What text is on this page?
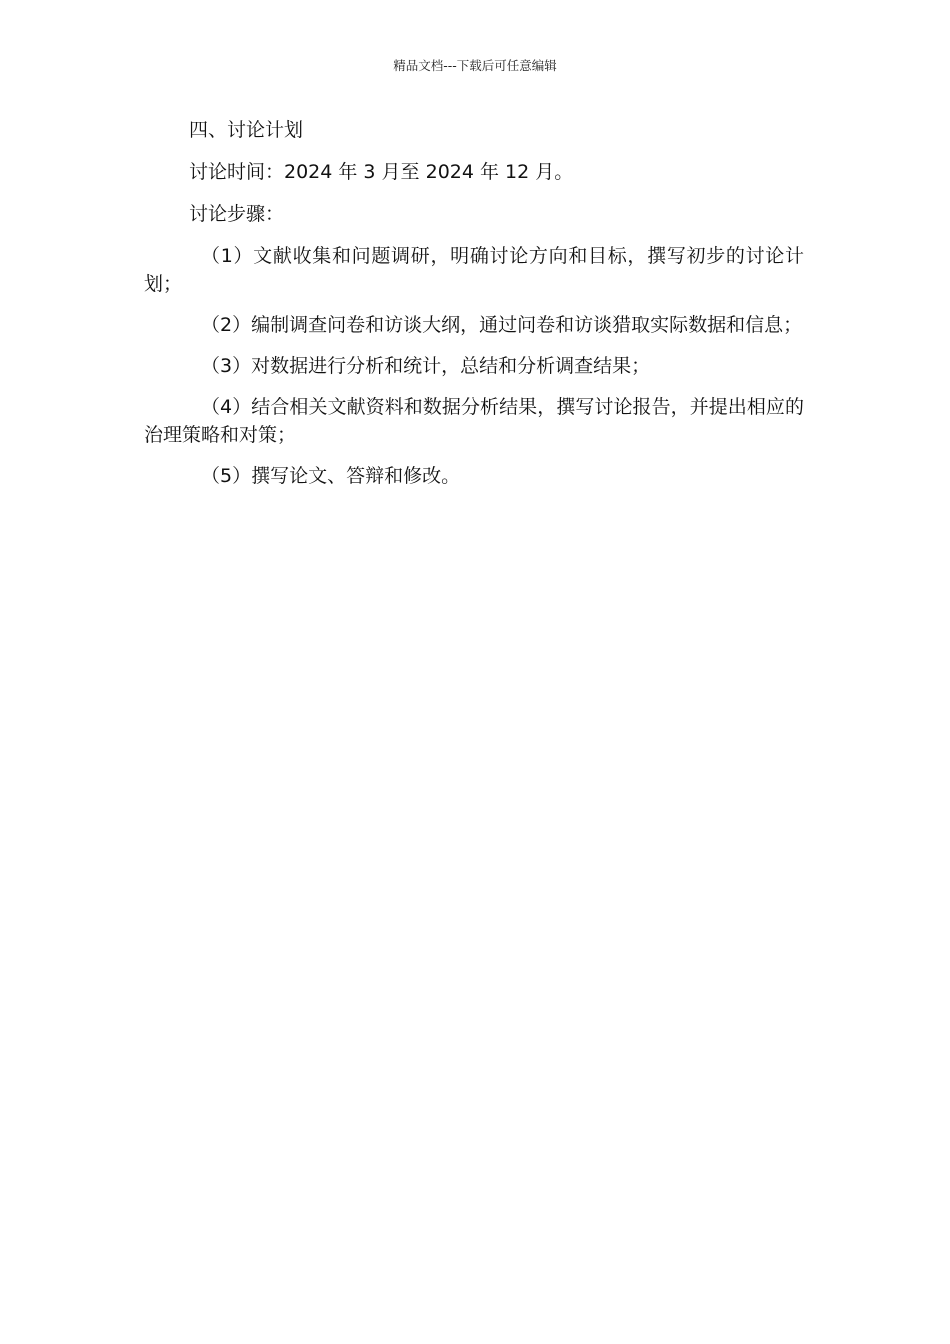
精品文档---下载后可任意编辑

四、讨论计划

讨论时间：2024 年 3 月至 2024 年 12 月。

讨论步骤：

（1）文献收集和问题调研，明确讨论方向和目标，撰写初步的讨论计划；

（2）编制调查问卷和访谈大纲，通过问卷和访谈猎取实际数据和信息；

（3）对数据进行分析和统计，总结和分析调查结果；

（4）结合相关文献资料和数据分析结果，撰写讨论报告，并提出相应的治理策略和对策；

（5）撰写论文、答辩和修改。
